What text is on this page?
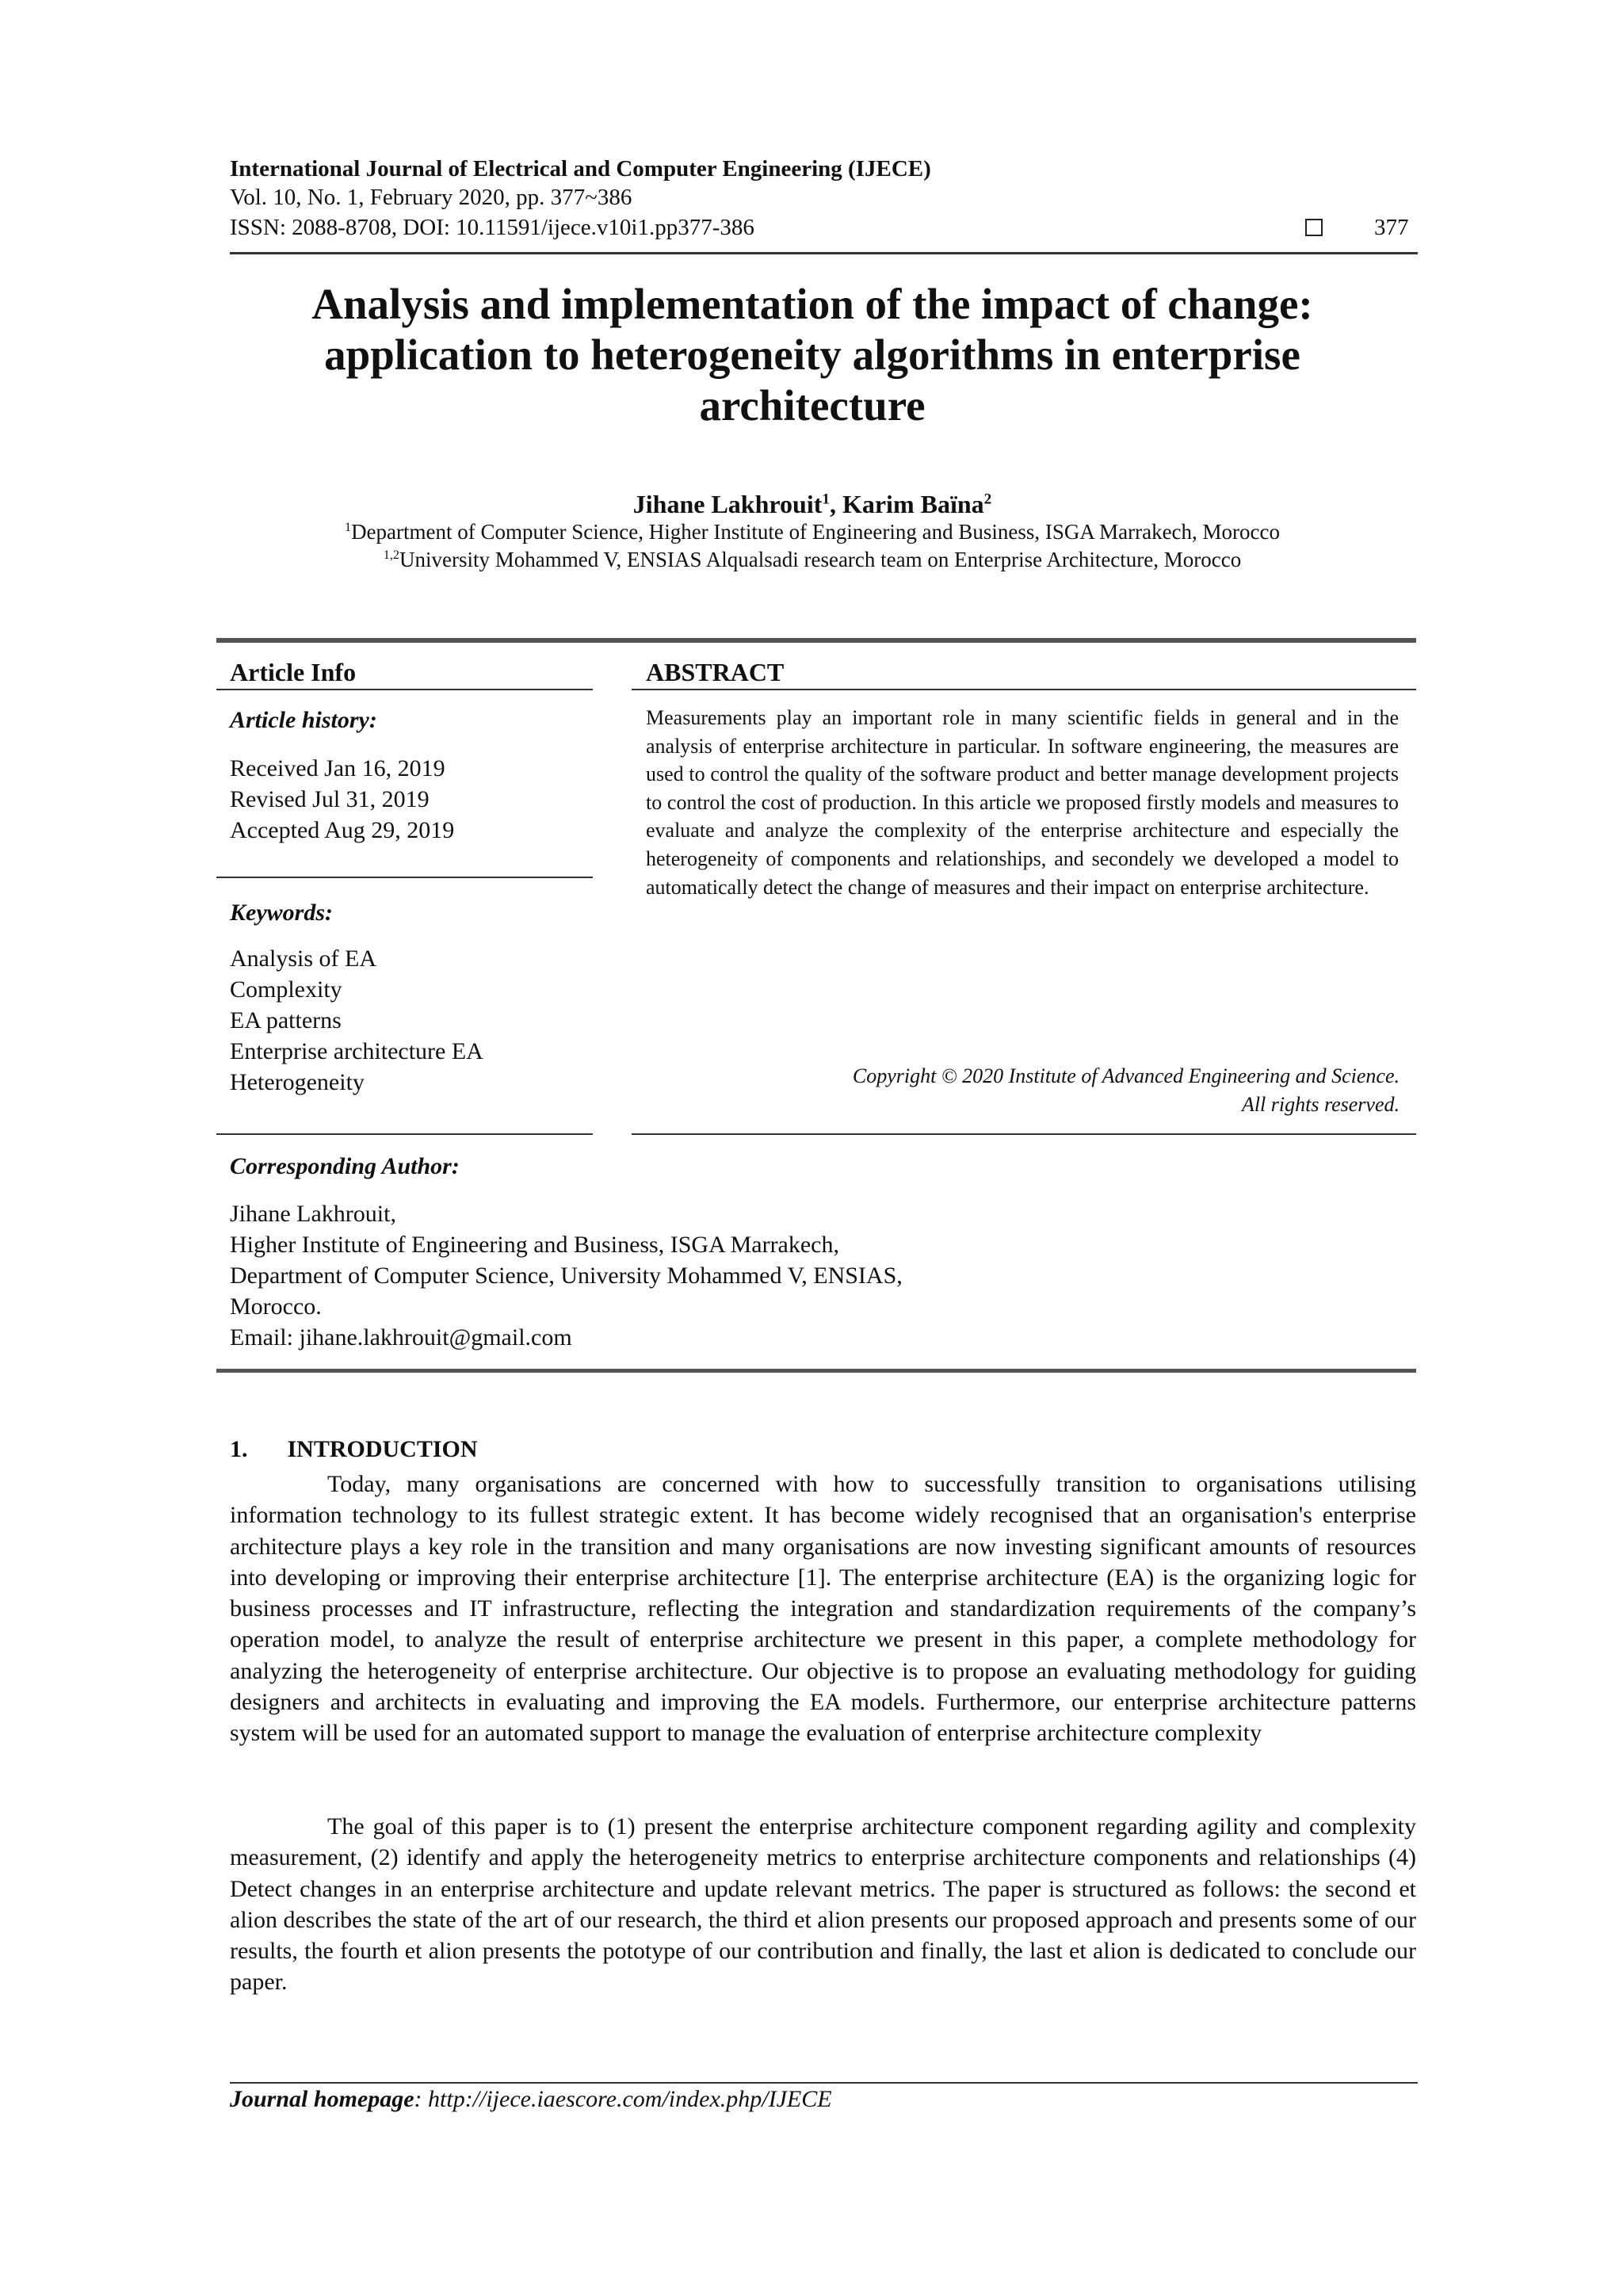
International Journal of Electrical and Computer Engineering (IJECE)
Vol. 10, No. 1, February 2020, pp. 377~386
ISSN: 2088-8708, DOI: 10.11591/ijece.v10i1.pp377-386	377
Analysis and implementation of the impact of change:
application to heterogeneity algorithms in enterprise
architecture
Jihane Lakhrouit$^1$, Karim Baïna$^2$
$^1$Department of Computer Science, Higher Institute of Engineering and Business, ISGA Marrakech, Morocco
$^{1,2}$University Mohammed V, ENSIAS Alqualsadi research team on Enterprise Architecture, Morocco
Article Info
Article history:
Received Jan 16, 2019
Revised Jul 31, 2019
Accepted Aug 29, 2019
Keywords:
Analysis of EA
Complexity
EA patterns
Enterprise architecture EA
Heterogeneity
ABSTRACT
Measurements play an important role in many scientific fields in general and in the analysis of enterprise architecture in particular. In software engineering, the measures are used to control the quality of the software product and better manage development projects to control the cost of production. In this article we proposed firstly models and measures to evaluate and analyze the complexity of the enterprise architecture and especially the heterogeneity of components and relationships, and secondely we developed a model to automatically detect the change of measures and their impact on enterprise architecture.
Copyright © 2020 Institute of Advanced Engineering and Science.
All rights reserved.
Corresponding Author:
Jihane Lakhrouit,
Higher Institute of Engineering and Business, ISGA Marrakech,
Department of Computer Science, University Mohammed V, ENSIAS,
Morocco.
Email: jihane.lakhrouit@gmail.com
1. INTRODUCTION
Today, many organisations are concerned with how to successfully transition to organisations utilising information technology to its fullest strategic extent. It has become widely recognised that an organisation's enterprise architecture plays a key role in the transition and many organisations are now investing significant amounts of resources into developing or improving their enterprise architecture [1]. The enterprise architecture (EA) is the organizing logic for business processes and IT infrastructure, reflecting the integration and standardization requirements of the company’s operation model, to analyze the result of enterprise architecture we present in this paper, a complete methodology for analyzing the heterogeneity of enterprise architecture. Our objective is to propose an evaluating methodology for guiding designers and architects in evaluating and improving the EA models. Furthermore, our enterprise architecture patterns system will be used for an automated support to manage the evaluation of enterprise architecture complexity
The goal of this paper is to (1) present the enterprise architecture component regarding agility and complexity measurement, (2) identify and apply the heterogeneity metrics to enterprise architecture components and relationships (4) Detect changes in an enterprise architecture and update relevant metrics. The paper is structured as follows: the second et alion describes the state of the art of our research, the third et alion presents our proposed approach and presents some of our results, the fourth et alion presents the pototype of our contribution and finally, the last et alion is dedicated to conclude our paper.
Journal homepage: http://ijece.iaescore.com/index.php/IJECE
